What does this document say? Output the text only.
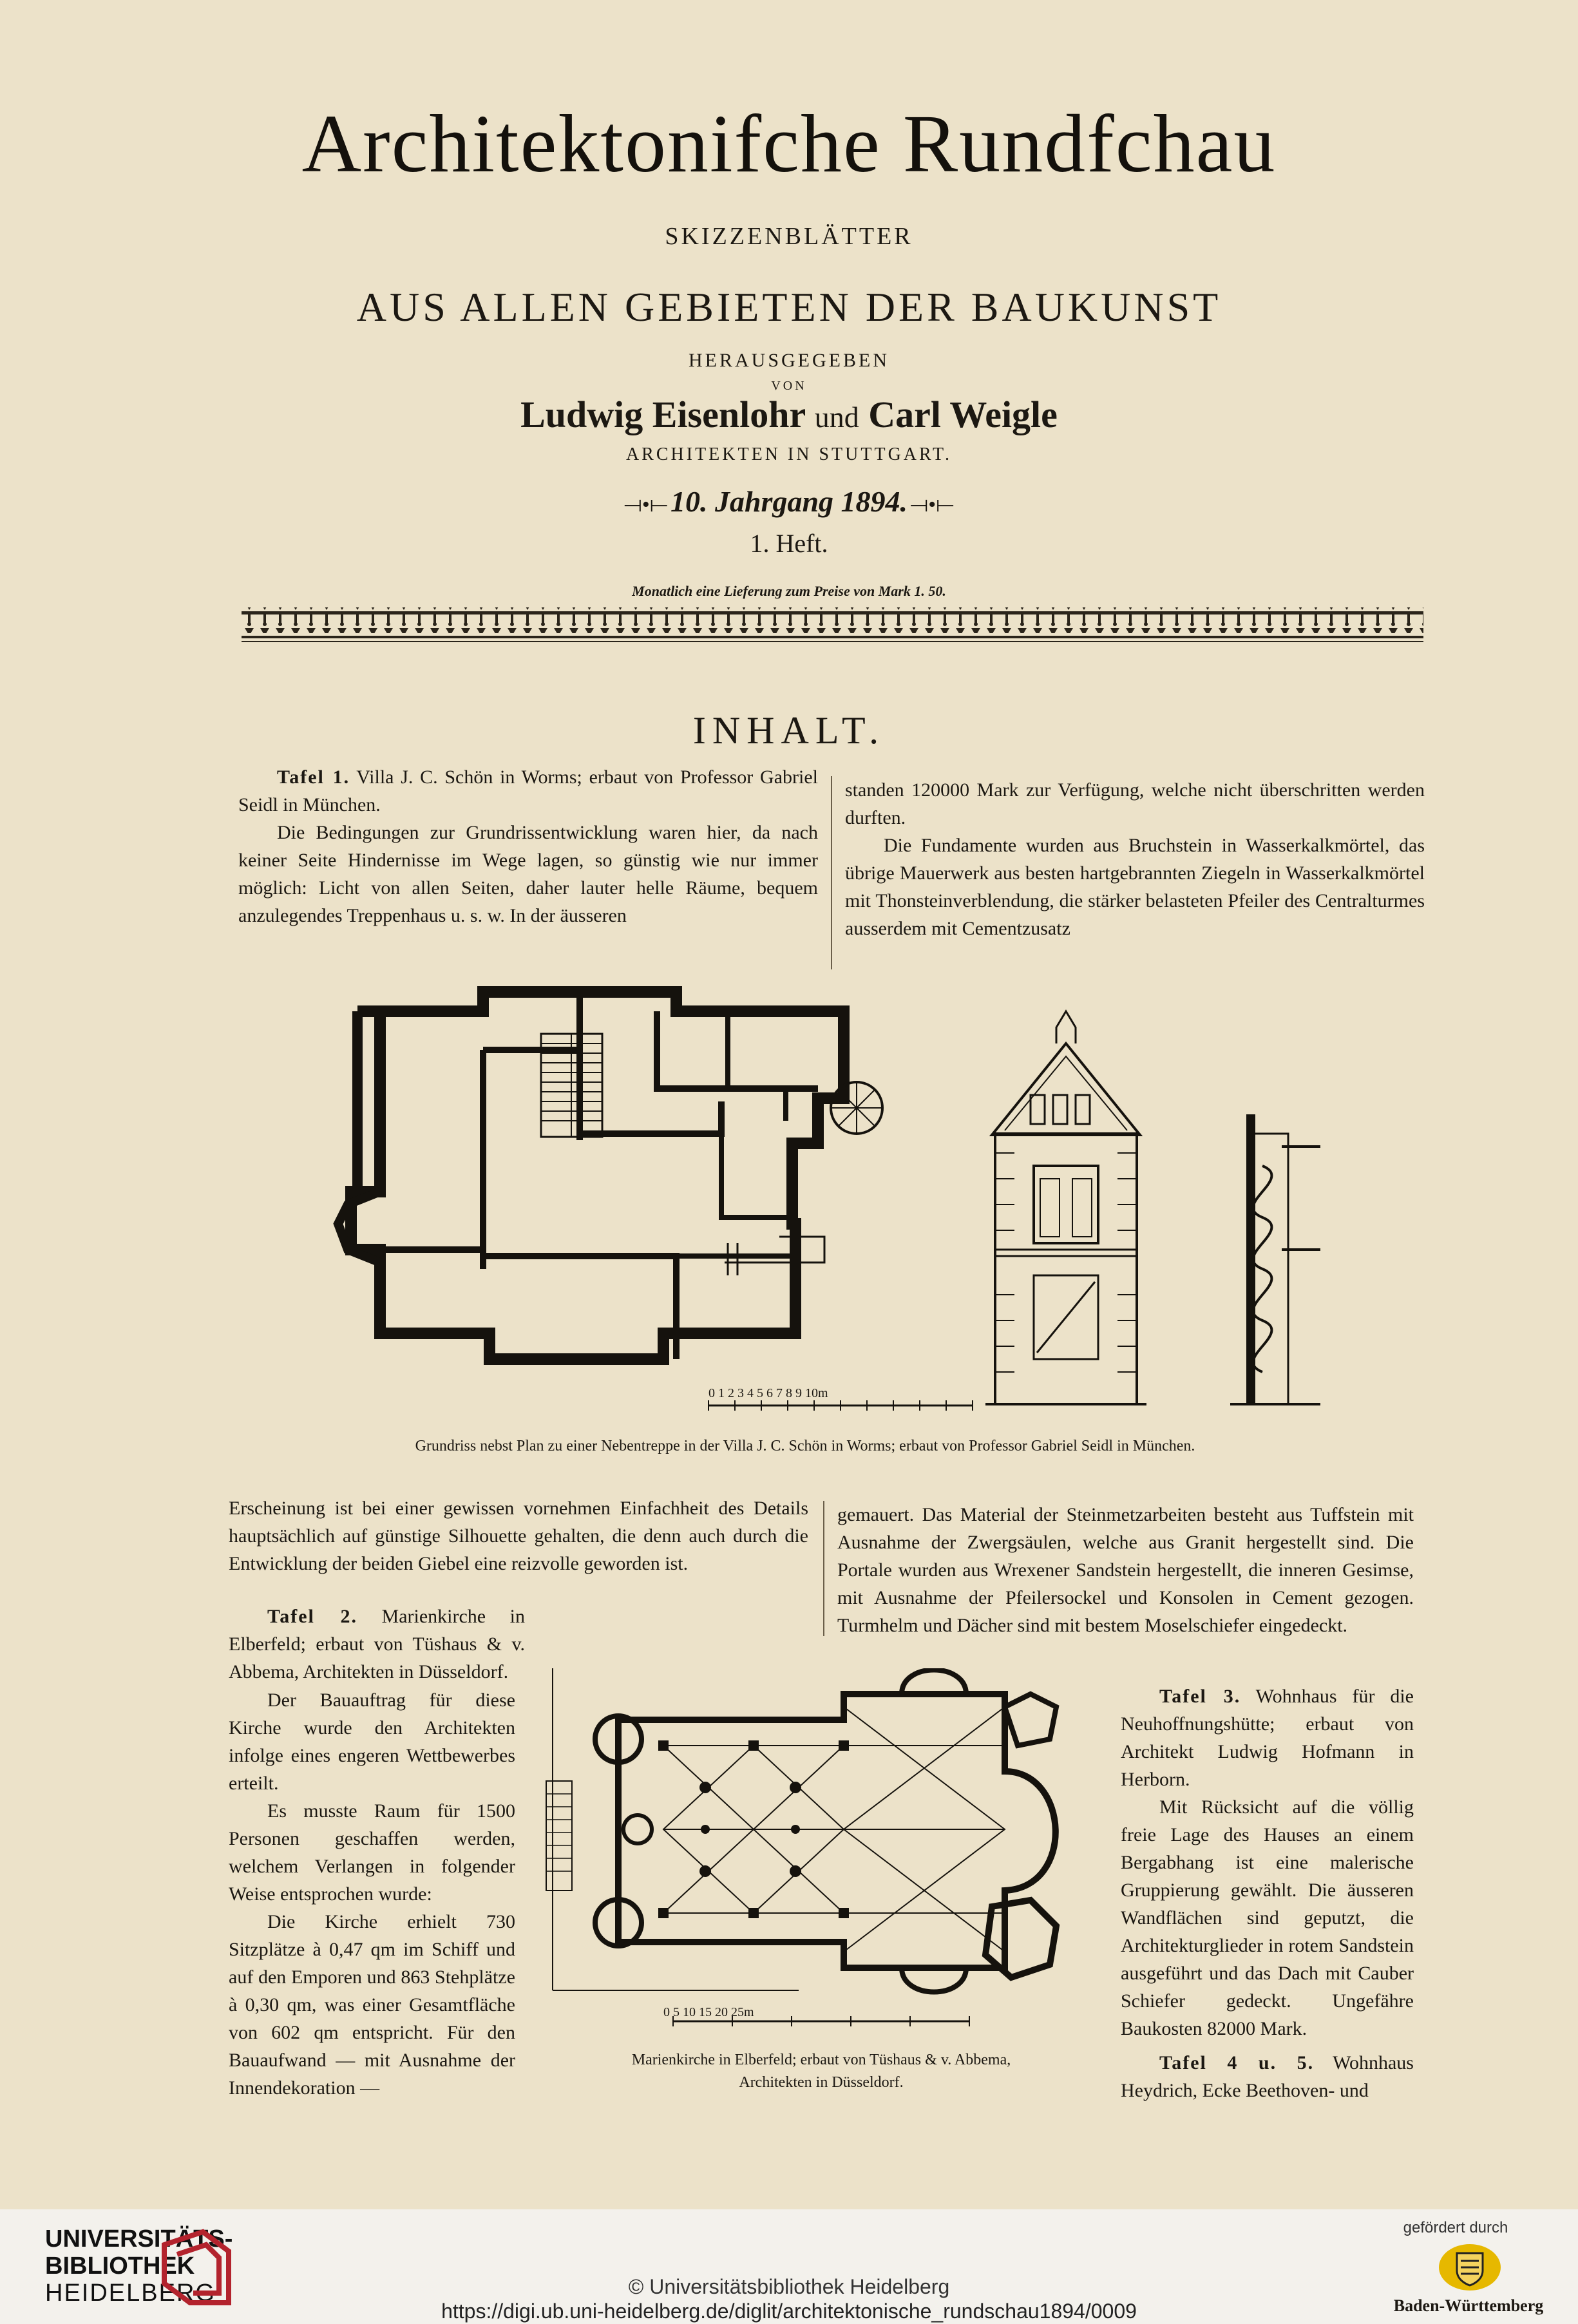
Architektonifche Rundfchau
SKIZZENBLÄTTER
AUS ALLEN GEBIETEN DER BAUKUNST
HERAUSGEGEBEN
VON
Ludwig Eisenlohr und Carl Weigle
ARCHITEKTEN IN STUTTGART.
⟞•⟝ 10. Jahrgang 1894. ⟞•⟝
1. Heft.
Monatlich eine Lieferung zum Preise von Mark 1. 50.
INHALT.

Tafel 1. Villa J. C. Schön in Worms; erbaut von Professor Gabriel Seidl in München.

Die Bedingungen zur Grundrissentwicklung waren hier, da nach keiner Seite Hindernisse im Wege lagen, so günstig wie nur immer möglich: Licht von allen Seiten, daher lauter helle Räume, bequem anzulegendes Treppenhaus u. s. w. In der äusseren

standen 120000 Mark zur Verfügung, welche nicht überschritten werden durften.

Die Fundamente wurden aus Bruchstein in Wasserkalkmörtel, das übrige Mauerwerk aus besten hartgebrannten Ziegeln in Wasserkalkmörtel mit Thonsteinverblendung, die stärker belasteten Pfeiler des Centralturmes ausserdem mit Cementzusatz

0 1 2 3 4 5 6 7 8 9 10m
Grundriss nebst Plan zu einer Nebentreppe in der Villa J. C. Schön in Worms; erbaut von Professor Gabriel Seidl in München.

Erscheinung ist bei einer gewissen vornehmen Einfachheit des Details hauptsächlich auf günstige Silhouette gehalten, die denn auch durch die Entwicklung der beiden Giebel eine reizvolle geworden ist.

Tafel 2. Marienkirche in Elberfeld; erbaut von Tüshaus & v. Abbema, Architekten in Düsseldorf.

Der Bauauftrag für diese Kirche wurde den Architekten infolge eines engeren Wettbewerbes erteilt.

Es musste Raum für 1500 Personen geschaffen werden, welchem Verlangen in folgender Weise entsprochen wurde:

Die Kirche erhielt 730 Sitzplätze à 0,47 qm im Schiff und auf den Emporen und 863 Stehplätze à 0,30 qm, was einer Gesamtfläche von 602 qm entspricht. Für den Bauaufwand — mit Ausnahme der Innendekoration —

gemauert. Das Material der Steinmetzarbeiten besteht aus Tuffstein mit Ausnahme der Zwergsäulen, welche aus Granit hergestellt sind. Die Portale wurden aus Wrexener Sandstein hergestellt, die inneren Gesimse, mit Ausnahme der Pfeilersockel und Konsolen in Cement gezogen. Turmhelm und Dächer sind mit bestem Moselschiefer eingedeckt.

Tafel 3. Wohnhaus für die Neuhoffnungshütte; erbaut von Architekt Ludwig Hofmann in Herborn.

Mit Rücksicht auf die völlig freie Lage des Hauses an einem Bergabhang ist eine malerische Gruppierung gewählt. Die äusseren Wandflächen sind geputzt, die Architekturglieder in rotem Sandstein ausgeführt und das Dach mit Cauber Schiefer gedeckt. Ungefähre Baukosten 82000 Mark.

Tafel 4 u. 5. Wohnhaus Heydrich, Ecke Beethoven- und

0 5 10 15 20 25m
Marienkirche in Elberfeld; erbaut von Tüshaus & v. Abbema,
Architekten in Düsseldorf.
UNIVERSITÄTS-
BIBLIOTHEK
HEIDELBERG	© Universitätsbibliothek Heidelberg
https://digi.ub.uni-heidelberg.de/diglit/architektonische_rundschau1894/0009
gefördert durch
Baden-Württemberg
